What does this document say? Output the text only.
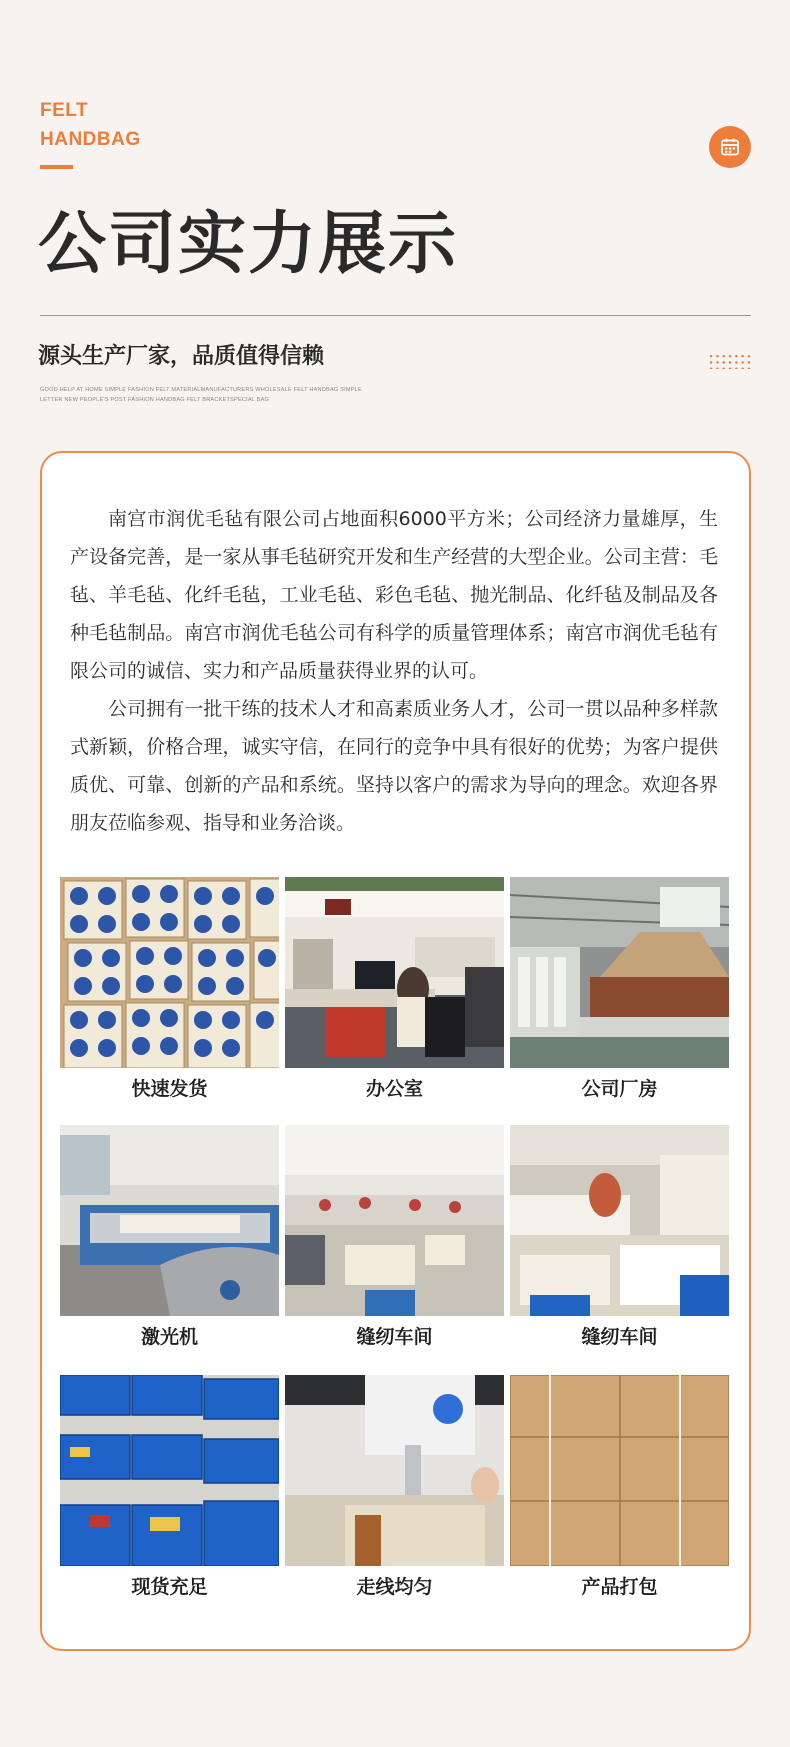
FELT
HANDBAG
公司实力展示
源头生产厂家，品质值得信赖
GOOD HELP AT HOME SIMPLE FASHION FELT MATERIALMANUFACTURERS WHOLESALE FELT HANDBAG SIMPLE
LETTER NEW PEOPLE'S POST FASHION HANDBAG FELT BRACKETSPECIAL BAG

南宫市润优毛毡有限公司占地面积6000平方米；公司经济力量雄厚，生产设备完善，是一家从事毛毡研究开发和生产经营的大型企业。公司主营：毛毡、羊毛毡、化纤毛毡，工业毛毡、彩色毛毡、抛光制品、化纤毡及制品及各种毛毡制品。南宫市润优毛毡公司有科学的质量管理体系；南宫市润优毛毡有限公司的诚信、实力和产品质量获得业界的认可。

公司拥有一批干练的技术人才和高素质业务人才，公司一贯以品种多样款式新颖，价格合理，诚实守信，在同行的竞争中具有很好的优势；为客户提供质优、可靠、创新的产品和系统。坚持以客户的需求为导向的理念。欢迎各界朋友莅临参观、指导和业务洽谈。

快速发货	办公室	公司厂房
激光机	缝纫车间	缝纫车间
现货充足	走线均匀	产品打包
